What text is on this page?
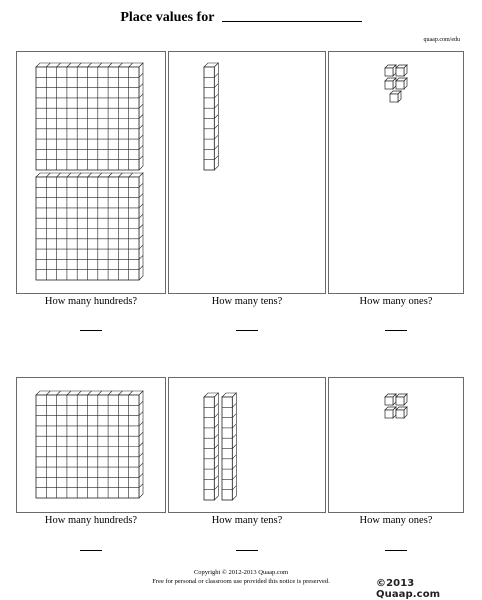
Place values for
quaap.com/edu
How many hundreds?	How many tens?	How many ones?
How many hundreds?	How many tens?	How many ones?
Copyright © 2012-2013 Quaap.com
Free for personal or classroom use provided this notice is preserved.	©2013 Quaap.com
